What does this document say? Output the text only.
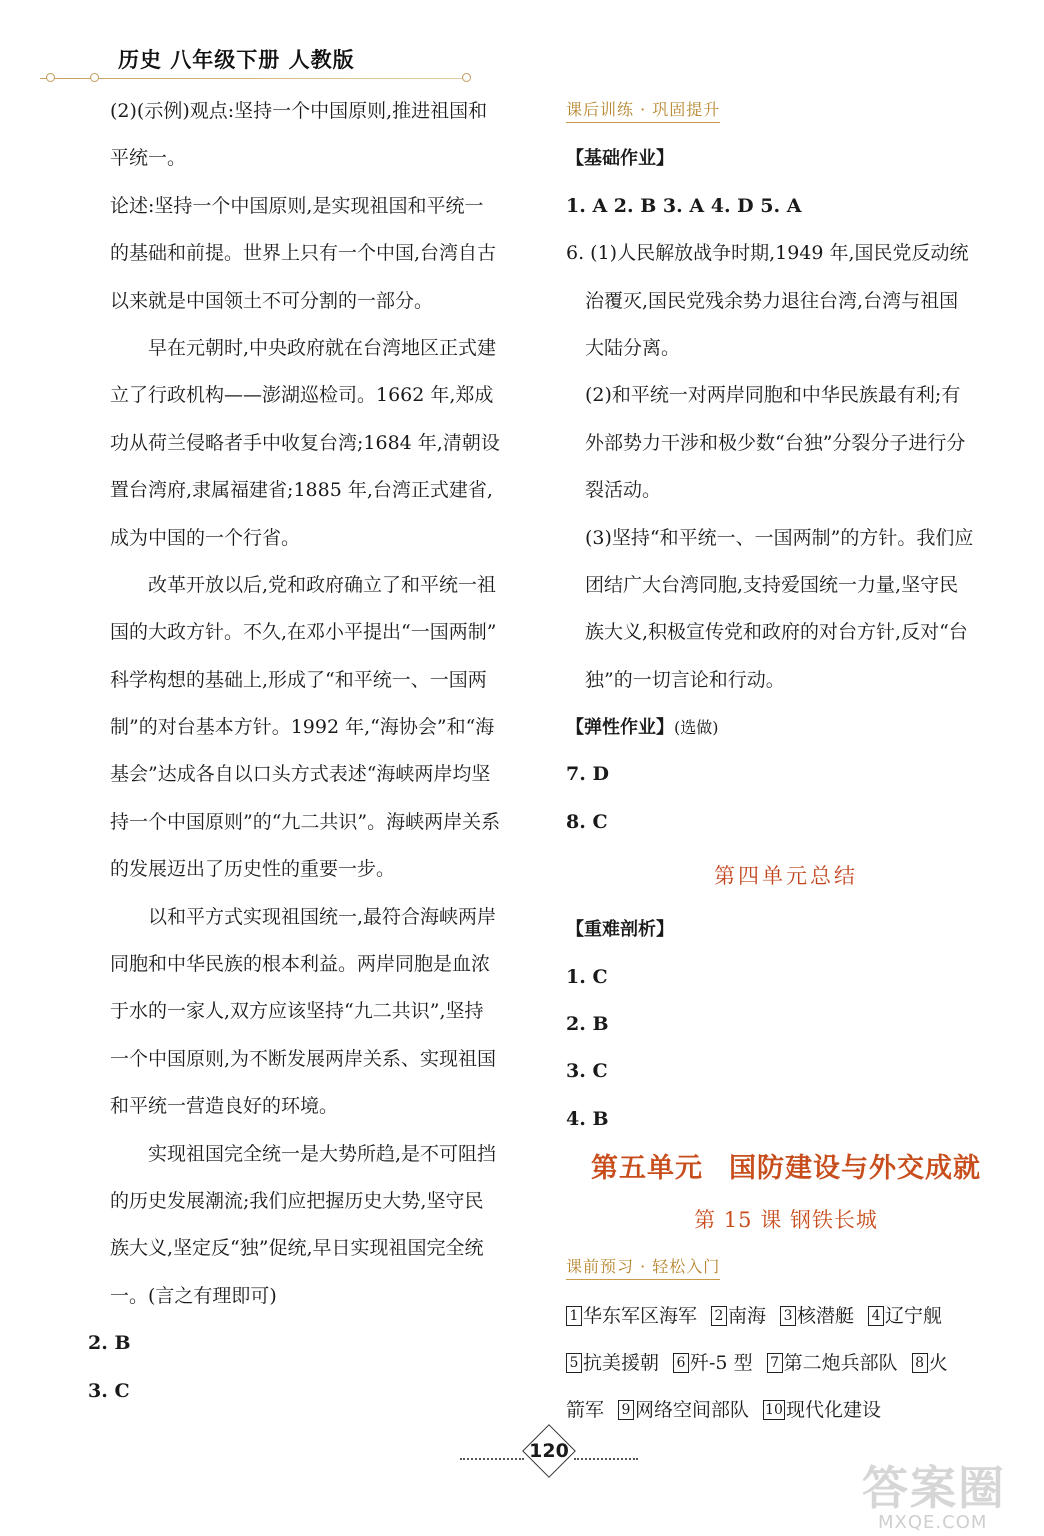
历史 八年级下册 人教版
(2)(示例)观点:坚持一个中国原则,推进祖国和
平统一。
论述:坚持一个中国原则,是实现祖国和平统一
的基础和前提。世界上只有一个中国,台湾自古
以来就是中国领土不可分割的一部分。
早在元朝时,中央政府就在台湾地区正式建
立了行政机构——澎湖巡检司。1662 年,郑成
功从荷兰侵略者手中收复台湾;1684 年,清朝设
置台湾府,隶属福建省;1885 年,台湾正式建省,
成为中国的一个行省。
改革开放以后,党和政府确立了和平统一祖
国的大政方针。不久,在邓小平提出“一国两制”
科学构想的基础上,形成了“和平统一、一国两
制”的对台基本方针。1992 年,“海协会”和“海
基会”达成各自以口头方式表述“海峡两岸均坚
持一个中国原则”的“九二共识”。海峡两岸关系
的发展迈出了历史性的重要一步。
以和平方式实现祖国统一,最符合海峡两岸
同胞和中华民族的根本利益。两岸同胞是血浓
于水的一家人,双方应该坚持“九二共识”,坚持
一个中国原则,为不断发展两岸关系、实现祖国
和平统一营造良好的环境。
实现祖国完全统一是大势所趋,是不可阻挡
的历史发展潮流;我们应把握历史大势,坚守民
族大义,坚定反“独”促统,早日实现祖国完全统
一。(言之有理即可)
2. B
3. C
课后训练 · 巩固提升
【基础作业】
1. A 2. B 3. A 4. D 5. A
6. (1)人民解放战争时期,1949 年,国民党反动统
治覆灭,国民党残余势力退往台湾,台湾与祖国
大陆分离。
(2)和平统一对两岸同胞和中华民族最有利;有
外部势力干涉和极少数“台独”分裂分子进行分
裂活动。
(3)坚持“和平统一、一国两制”的方针。我们应
团结广大台湾同胞,支持爱国统一力量,坚守民
族大义,积极宣传党和政府的对台方针,反对“台
独”的一切言论和行动。
【弹性作业】(选做)
7. D
8. C
第四单元总结
【重难剖析】
1. C
2. B
3. C
4. B
第五单元 国防建设与外交成就
第 15 课 钢铁长城
课前预习 · 轻松入门
1 华东军区海军 2 南海 3 核潜艇 4 辽宁舰
5 抗美援朝 6 歼-5 型 7 第二炮兵部队 8 火
箭军 9 网络空间部队 10 现代化建设
120
答案圈
MXQE.COM
